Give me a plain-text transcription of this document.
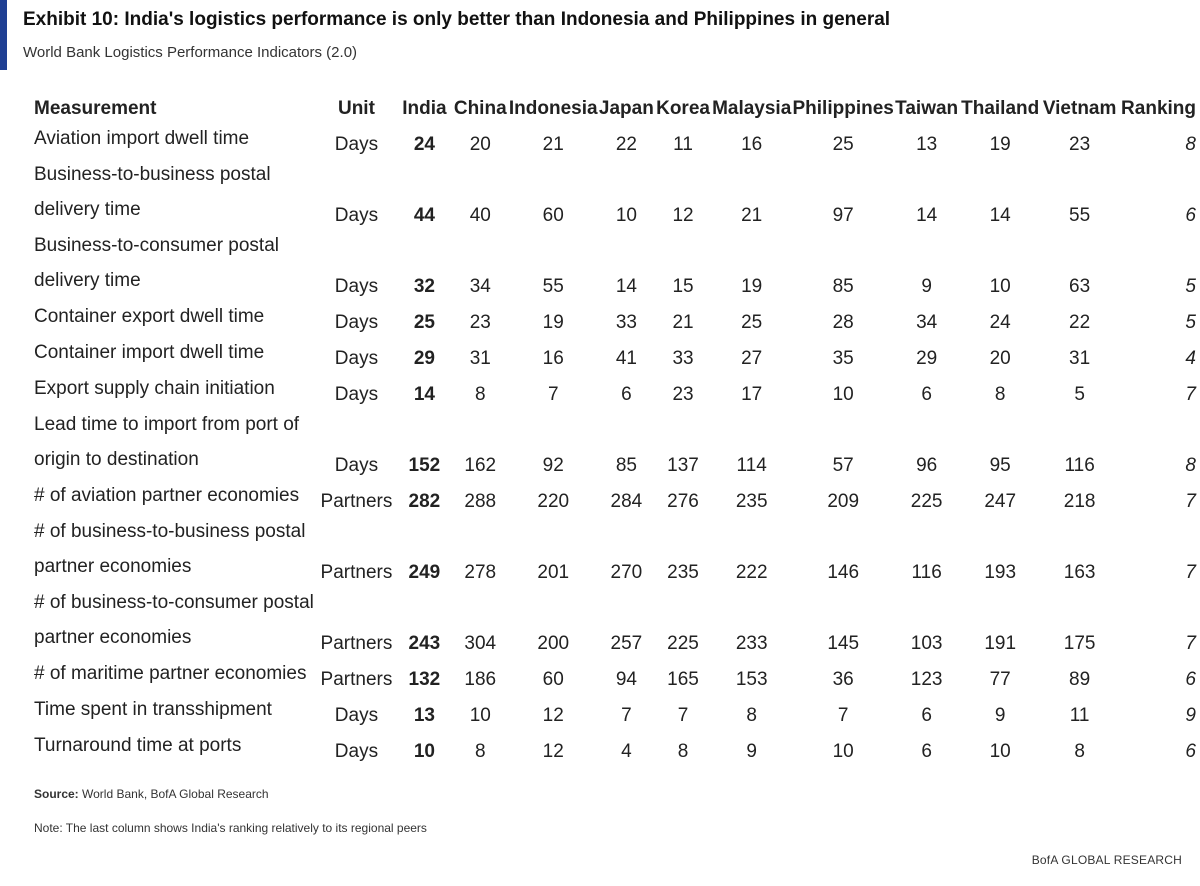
Exhibit 10: India's logistics performance is only better than Indonesia and Philippines in general
World Bank Logistics Performance Indicators (2.0)
Measurement	Unit	India	China	Indonesia	Japan	Korea	Malaysia	Philippines	Taiwan	Thailand	Vietnam	Ranking

Aviation import dwell time	Days	24	20	21	22	11	16	25	13	19	23	8

Business-to-business postal
delivery time	Days	44	40	60	10	12	21	97	14	14	55	6

Business-to-consumer postal
delivery time	Days	32	34	55	14	15	19	85	9	10	63	5

Container export dwell time	Days	25	23	19	33	21	25	28	34	24	22	5

Container import dwell time	Days	29	31	16	41	33	27	35	29	20	31	4

Export supply chain initiation	Days	14	8	7	6	23	17	10	6	8	5	7

Lead time to import from port of
origin to destination	Days	152	162	92	85	137	114	57	96	95	116	8

# of aviation partner economies	Partners	282	288	220	284	276	235	209	225	247	218	7

# of business-to-business postal
partner economies	Partners	249	278	201	270	235	222	146	116	193	163	7

# of business-to-consumer postal
partner economies	Partners	243	304	200	257	225	233	145	103	191	175	7

# of maritime partner economies	Partners	132	186	60	94	165	153	36	123	77	89	6

Time spent in transshipment	Days	13	10	12	7	7	8	7	6	9	11	9

Turnaround time at ports	Days	10	8	12	4	8	9	10	6	10	8	6
Source: World Bank, BofA Global Research
Note: The last column shows India's ranking relatively to its regional peers
BofA GLOBAL RESEARCH
